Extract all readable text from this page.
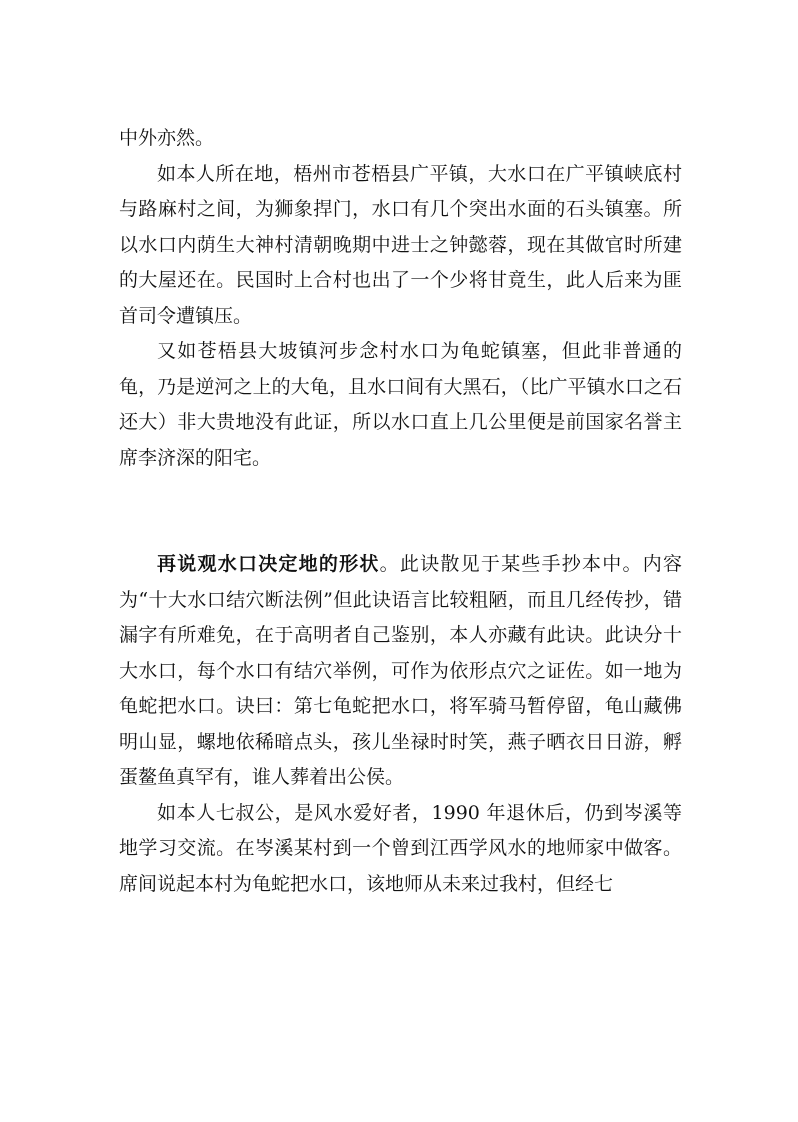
中外亦然。

如本人所在地，梧州市苍梧县广平镇，大水口在广平镇峡底村与路麻村之间，为狮象捍门，水口有几个突出水面的石头镇塞。所以水口内荫生大神村清朝晚期中进士之钟懿蓉，现在其做官时所建的大屋还在。民国时上合村也出了一个少将甘竟生，此人后来为匪首司令遭镇压。

又如苍梧县大坡镇河步念村水口为龟蛇镇塞，但此非普通的龟，乃是逆河之上的大龟，且水口间有大黑石，（比广平镇水口之石还大）非大贵地没有此证，所以水口直上几公里便是前国家名誉主席李济深的阳宅。

再说观水口决定地的形状。此诀散见于某些手抄本中。内容为“十大水口结穴断法例”但此诀语言比较粗陋，而且几经传抄，错漏字有所难免，在于高明者自己鉴别，本人亦藏有此诀。此诀分十大水口，每个水口有结穴举例，可作为依形点穴之证佐。如一地为龟蛇把水口。诀曰：第七龟蛇把水口，将军骑马暂停留，龟山藏佛明山显，螺地依稀暗点头，孩儿坐禄时时笑，燕子晒衣日日游，孵蛋鳌鱼真罕有，谁人葬着出公侯。

如本人七叔公，是风水爱好者，1990 年退休后，仍到岑溪等地学习交流。在岑溪某村到一个曾到江西学风水的地师家中做客。席间说起本村为龟蛇把水口，该地师从未来过我村，但经七
